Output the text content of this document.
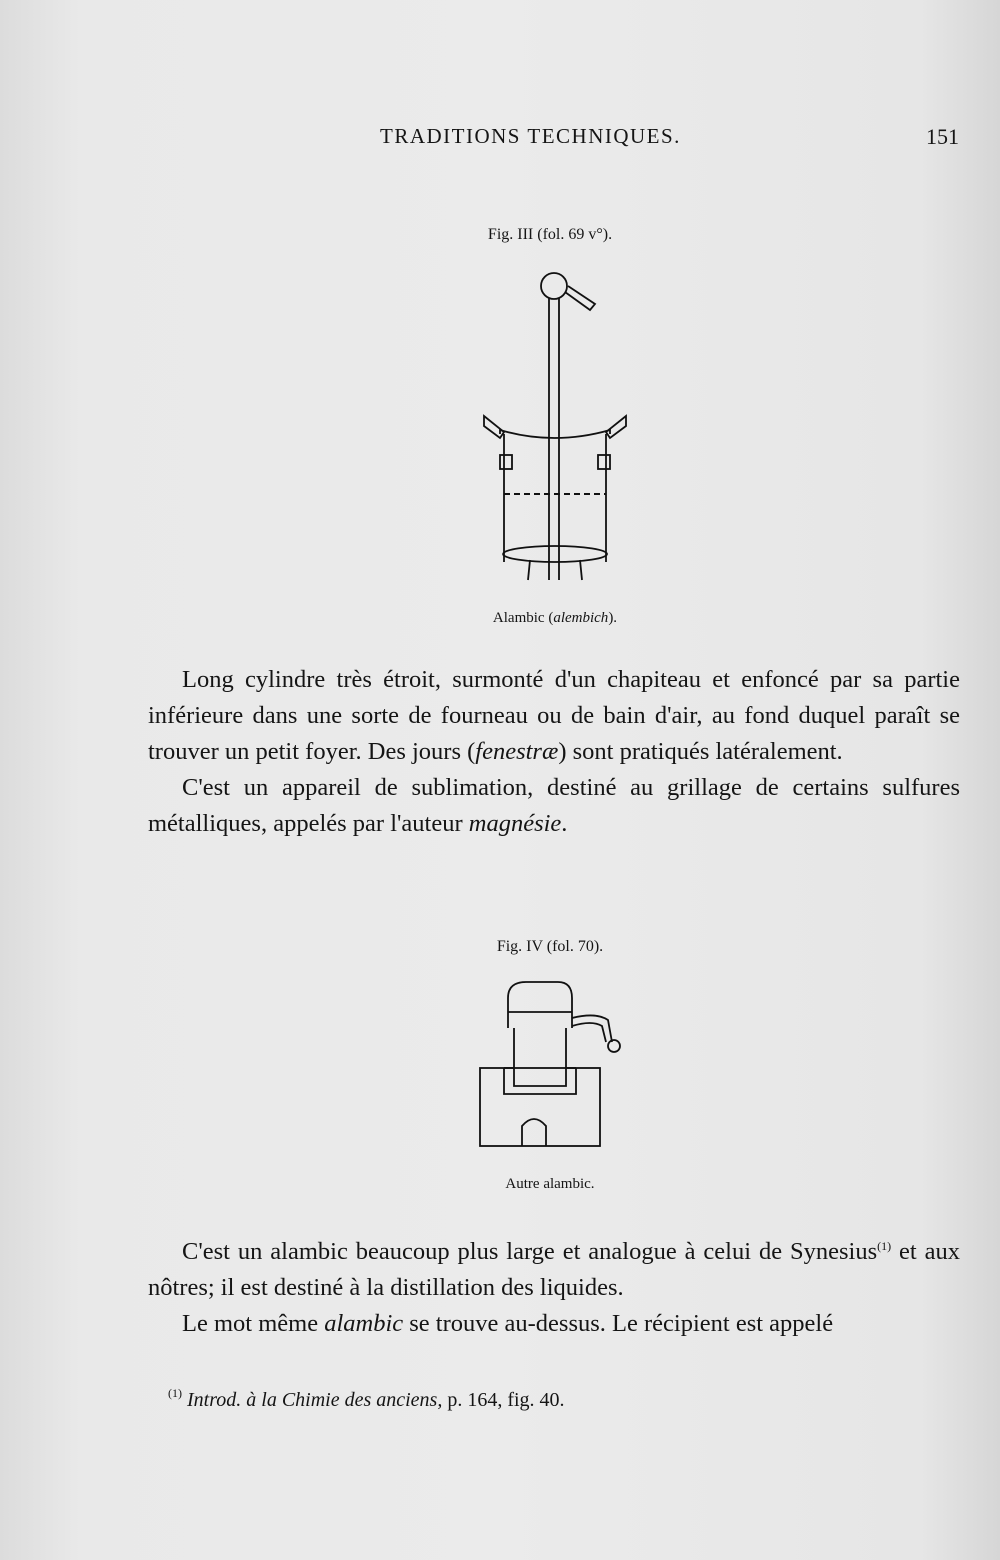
TRADITIONS TECHNIQUES.	151
Fig. III (fol. 69 v°).
Alambic (alembich).

Long cylindre très étroit, surmonté d'un chapiteau et enfoncé par sa partie inférieure dans une sorte de fourneau ou de bain d'air, au fond duquel paraît se trouver un petit foyer. Des jours (fenestræ) sont pratiqués latéralement.

C'est un appareil de sublimation, destiné au grillage de certains sulfures métalliques, appelés par l'auteur magnésie.

Fig. IV (fol. 70).
Autre alambic.

C'est un alambic beaucoup plus large et analogue à celui de Synesius$^{(1)}$ et aux nôtres; il est destiné à la distillation des liquides.

Le mot même alambic se trouve au-dessus. Le récipient est appelé

$^{(1)}$ Introd. à la Chimie des anciens, p. 164, fig. 40.
